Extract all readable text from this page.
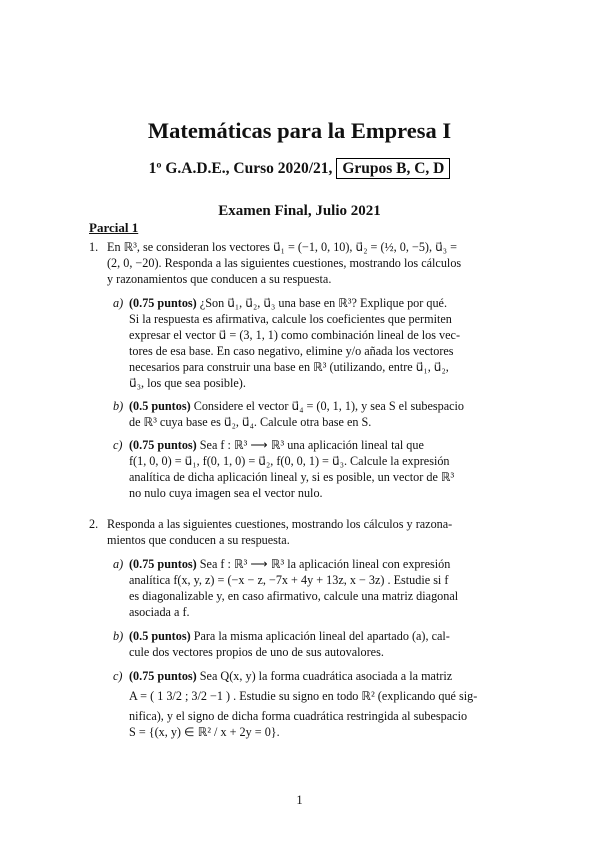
Matemáticas para la Empresa I
1º G.A.D.E., Curso 2020/21, Grupos B, C, D
Examen Final, Julio 2021
Parcial 1
1. En ℝ³, se consideran los vectores u⃗₁ = (−1, 0, 10), u⃗₂ = (½, 0, −5), u⃗₃ =
(2, 0, −20). Responda a las siguientes cuestiones, mostrando los cálculos
y razonamientos que conducen a su respuesta.
a) (0.75 puntos) ¿Son u⃗₁, u⃗₂, u⃗₃ una base en ℝ³? Explique por qué.
Si la respuesta es afirmativa, calcule los coeficientes que permiten
expresar el vector u⃗ = (3, 1, 1) como combinación lineal de los vec-
tores de esa base. En caso negativo, elimine y/o añada los vectores
necesarios para construir una base en ℝ³ (utilizando, entre u⃗₁, u⃗₂,
u⃗₃, los que sea posible).
b) (0.5 puntos) Considere el vector u⃗₄ = (0, 1, 1), y sea S el subespacio
de ℝ³ cuya base es u⃗₂, u⃗₄. Calcule otra base en S.
c) (0.75 puntos) Sea f : ℝ³ ⟶ ℝ³ una aplicación lineal tal que
f(1, 0, 0) = u⃗₁, f(0, 1, 0) = u⃗₂, f(0, 0, 1) = u⃗₃. Calcule la expresión
analítica de dicha aplicación lineal y, si es posible, un vector de ℝ³
no nulo cuya imagen sea el vector nulo.
2. Responda a las siguientes cuestiones, mostrando los cálculos y razona-
mientos que conducen a su respuesta.
a) (0.75 puntos) Sea f : ℝ³ ⟶ ℝ³ la aplicación lineal con expresión
analítica f(x, y, z) = (−x − z, −7x + 4y + 13z, x − 3z) . Estudie si f
es diagonalizable y, en caso afirmativo, calcule una matriz diagonal
asociada a f.
b) (0.5 puntos) Para la misma aplicación lineal del apartado (a), cal-
cule dos vectores propios de uno de sus autovalores.
c) (0.75 puntos) Sea Q(x, y) la forma cuadrática asociada a la matriz
A = ( 1 3/2 ; 3/2 −1 ) . Estudie su signo en todo ℝ² (explicando qué sig-
nifica), y el signo de dicha forma cuadrática restringida al subespacio
S = {(x, y) ∈ ℝ² / x + 2y = 0}.
1
